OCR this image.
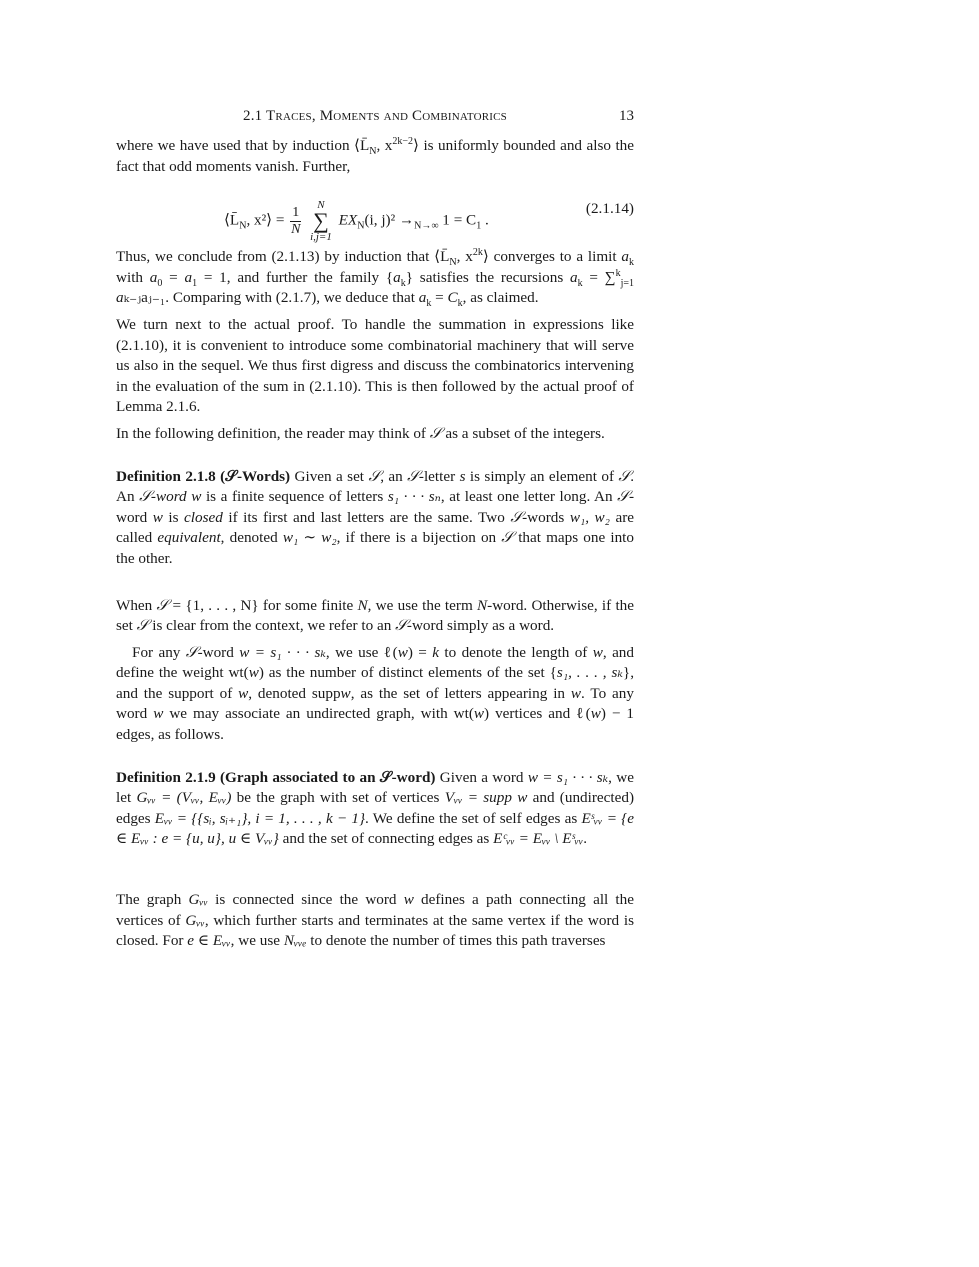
2.1 Traces, Moments and Combinatorics	13

where we have used that by induction $⟨L̄_N$, $x^{2k-2}⟩$ is uniformly bounded and also the fact that odd moments vanish. Further,

$⟨L̄_N$, x²⟩ = $\frac{1}{N}$ N
∑
i,j=1 $EX_N(i$, $j)^2 \to_{N\to\infty}$ $1 = C_1$ .
(2.1.14)

Thus, we conclude from (2.1.13) by induction that $⟨L̄_N$, $x^{2k}⟩$ converges to a limit $a_k$ with $a_0 = a_1 = 1$, and further the family $\{a_k\}$ satisfies the recursions $a_k = \sum^k_{j=1}$ aₖ₋ⱼaⱼ₋₁. Comparing with (2.1.7), we deduce that $a_k = C_k$, as claimed.

We turn next to the actual proof. To handle the summation in expressions like (2.1.10), it is convenient to introduce some combinatorial machinery that will serve us also in the sequel. We thus first digress and discuss the combinatorics intervening in the evaluation of the sum in (2.1.10). This is then followed by the actual proof of Lemma 2.1.6.

In the following definition, the reader may think of 𝒮 as a subset of the integers.

Definition 2.1.8 (𝒮-Words) Given a set 𝒮, an 𝒮-letter s is simply an element of 𝒮. An 𝒮-word w is a finite sequence of letters s₁ · · · sₙ, at least one letter long. An 𝒮-word w is closed if its first and last letters are the same. Two 𝒮-words w₁, w₂ are called equivalent, denoted w₁ ∼ w₂, if there is a bijection on 𝒮 that maps one into the other.

When 𝒮 = {1, . . . , N} for some finite N, we use the term N-word. Otherwise, if the set 𝒮 is clear from the context, we refer to an 𝒮-word simply as a word.

For any 𝒮-word w = s₁ · · · sₖ, we use ℓ(w) = k to denote the length of w, and define the weight wt(w) as the number of distinct elements of the set {s₁, . . . , sₖ}, and the support of w, denoted suppw, as the set of letters appearing in w. To any word w we may associate an undirected graph, with wt(w) vertices and ℓ(w) − 1 edges, as follows.

Definition 2.1.9 (Graph associated to an 𝒮-word) Given a word w = s₁ · · · sₖ, we let Gᵥᵥ = (Vᵥᵥ, Eᵥᵥ) be the graph with set of vertices Vᵥᵥ = supp w and (undirected) edges Eᵥᵥ = {{sᵢ, sᵢ₊₁}, i = 1, . . . , k − 1}. We define the set of self edges as Eˢᵥᵥ = {e ∈ Eᵥᵥ : e = {u, u}, u ∈ Vᵥᵥ} and the set of connecting edges as Eᶜᵥᵥ = Eᵥᵥ \ Eˢᵥᵥ.

The graph Gᵥᵥ is connected since the word w defines a path connecting all the vertices of Gᵥᵥ, which further starts and terminates at the same vertex if the word is closed. For e ∈ Eᵥᵥ, we use Nᵥᵥₑ to denote the number of times this path traverses
